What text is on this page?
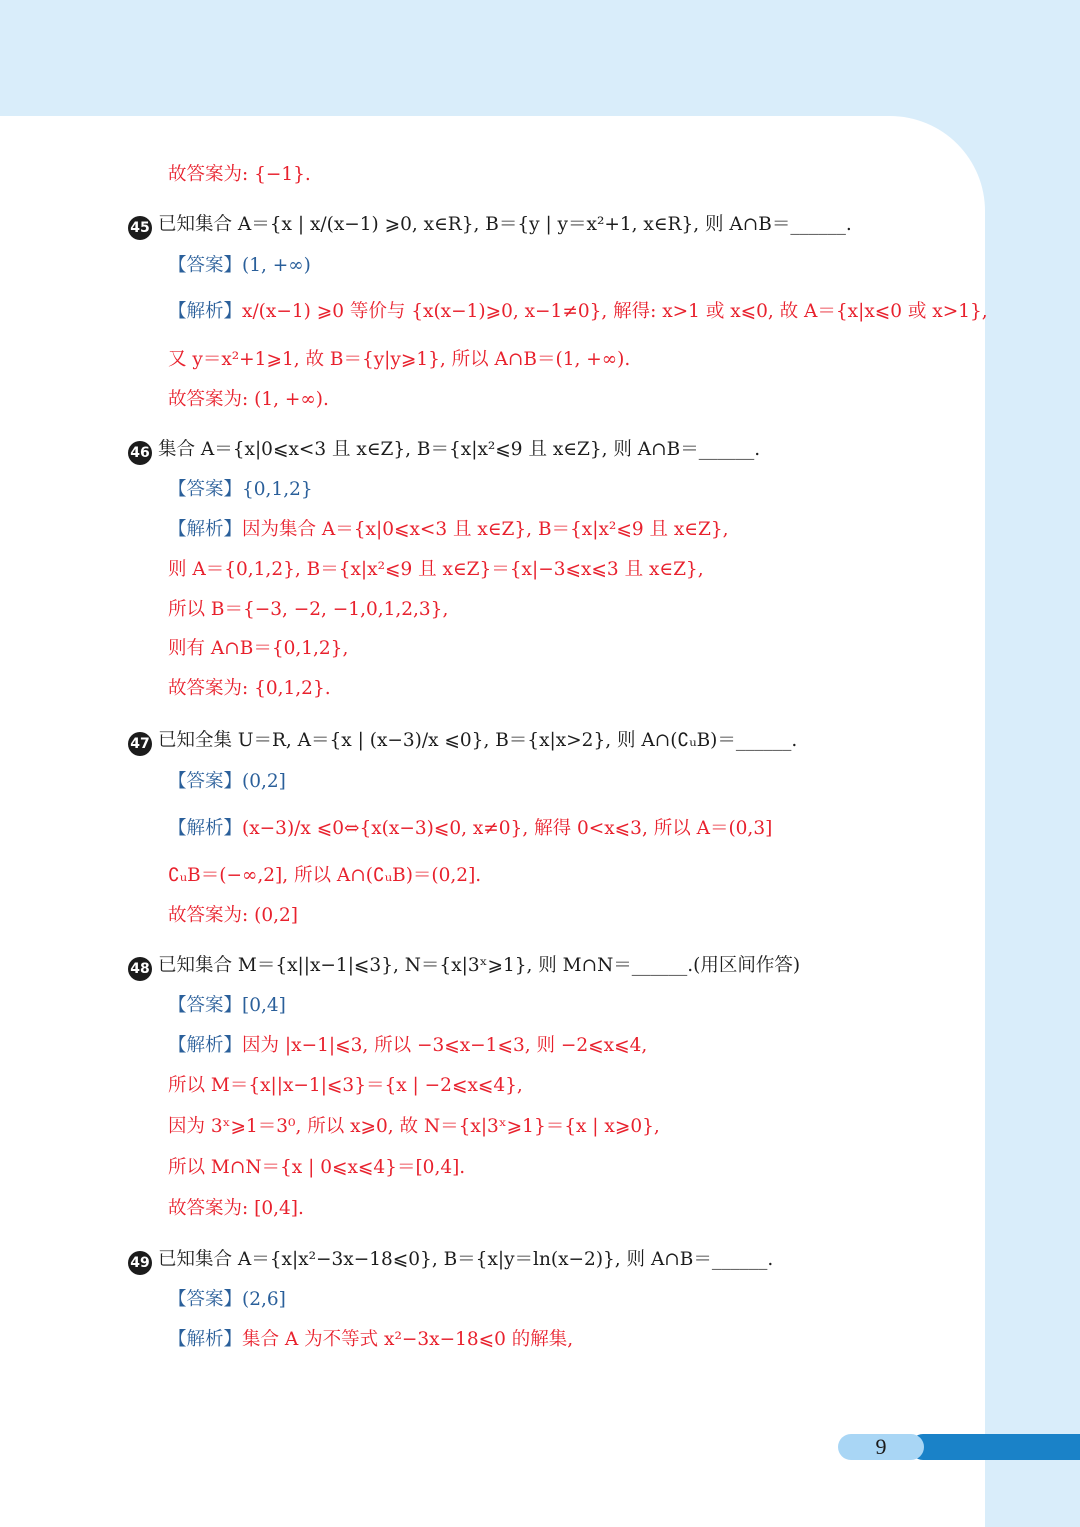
故答案为: {−1}.
45 已知集合 A＝{x | x/(x−1) ⩾0, x∈R}, B＝{y | y＝x²+1, x∈R}, 则 A∩B＝______.
【答案】(1, +∞)
【解析】x/(x−1) ⩾0 等价与 {x(x−1)⩾0, x−1≠0}, 解得: x>1 或 x⩽0, 故 A＝{x|x⩽0 或 x>1},
又 y＝x²+1⩾1, 故 B＝{y|y⩾1}, 所以 A∩B＝(1, +∞).
故答案为: (1, +∞).
46 集合 A＝{x|0⩽x<3 且 x∈Z}, B＝{x|x²⩽9 且 x∈Z}, 则 A∩B＝______.
【答案】{0,1,2}
【解析】因为集合 A＝{x|0⩽x<3 且 x∈Z}, B＝{x|x²⩽9 且 x∈Z},
则 A＝{0,1,2}, B＝{x|x²⩽9 且 x∈Z}＝{x|−3⩽x⩽3 且 x∈Z},
所以 B＝{−3, −2, −1,0,1,2,3},
则有 A∩B＝{0,1,2},
故答案为: {0,1,2}.
47 已知全集 U＝R, A＝{x | (x−3)/x ⩽0}, B＝{x|x>2}, 则 A∩(∁ᵤB)＝______.
【答案】(0,2]
【解析】(x−3)/x ⩽0⇔{x(x−3)⩽0, x≠0}, 解得 0<x⩽3, 所以 A＝(0,3]
∁ᵤB＝(−∞,2], 所以 A∩(∁ᵤB)＝(0,2].
故答案为: (0,2]
48 已知集合 M＝{x||x−1|⩽3}, N＝{x|3ˣ⩾1}, 则 M∩N＝______.(用区间作答)
【答案】[0,4]
【解析】因为 |x−1|⩽3, 所以 −3⩽x−1⩽3, 则 −2⩽x⩽4,
所以 M＝{x||x−1|⩽3}＝{x | −2⩽x⩽4},
因为 3ˣ⩾1＝3⁰, 所以 x⩾0, 故 N＝{x|3ˣ⩾1}＝{x | x⩾0},
所以 M∩N＝{x | 0⩽x⩽4}＝[0,4].
故答案为: [0,4].
49 已知集合 A＝{x|x²−3x−18⩽0}, B＝{x|y＝ln(x−2)}, 则 A∩B＝______.
【答案】(2,6]
【解析】集合 A 为不等式 x²−3x−18⩽0 的解集,
9
